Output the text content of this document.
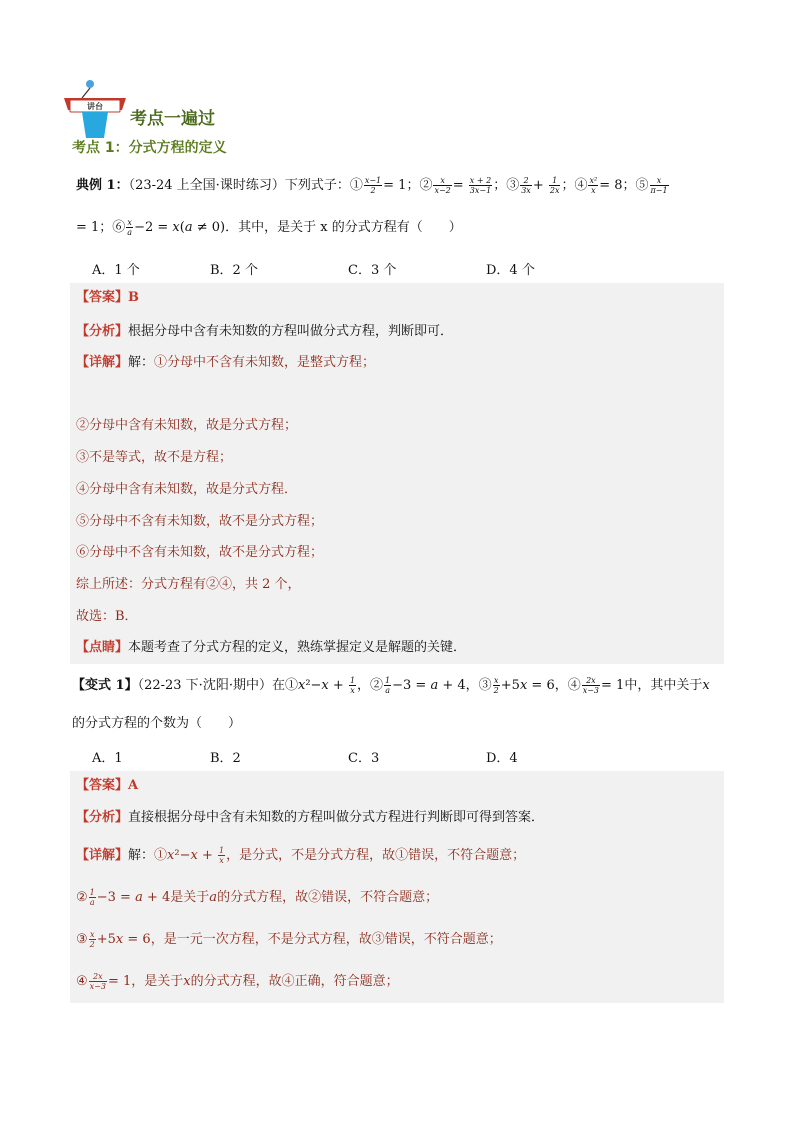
讲台
考点一遍过
考点 1：分式方程的定义
典例 1：（23-24 上全国·课时练习）下列式子：① $\frac{x-1}{2} = 1$；② $\frac{x}{x-2} = \frac{x + 2}{3x-1}$ ；③ $\frac{2}{3x} + \frac{1}{2x}$ ；④ $\frac{\text{x²}}{x} = 8$；⑤ $\frac{x}{\pi-1}$
= 1；⑥ $\frac{x}{a} -2 = x(a \ne 0)$．其中，是关于 x 的分式方程有（　　）
A．1 个	B．2 个	C．3 个	D．4 个
【答案】B
【分析】根据分母中含有未知数的方程叫做分式方程，判断即可．
【详解】解：①分母中不含有未知数，是整式方程；
②分母中含有未知数，故是分式方程；
③不是等式，故不是方程；
④分母中含有未知数，故是分式方程．
⑤分母中不含有未知数，故不是分式方程；
⑥分母中不含有未知数，故不是分式方程；
综上所述：分式方程有②④，共 2 个，
故选：B．
【点睛】本题考查了分式方程的定义，熟练掌握定义是解题的关键．
【变式 1】（22-23 下·沈阳·期中）在①x²−x + $\frac{1}{x}$ ，② $\frac{1}{a} -3 = a + 4$，③ $\frac{x}{2} +5x = 6$，④ $\frac{2x}{x-3} = 1$中，其中关于x
的分式方程的个数为（　　）
A．1	B．2	C．3	D．4
【答案】A
【分析】直接根据分母中含有未知数的方程叫做分式方程进行判断即可得到答案．
【详解】解：①x²−x + $\frac{1}{x}$ ，是分式，不是分式方程，故①错误，不符合题意；
② $\frac{1}{a} -3 = a + 4$是关于a的分式方程，故②错误，不符合题意；
③ $\frac{x}{2} +5x = 6$，是一元一次方程，不是分式方程，故③错误，不符合题意；
④ $\frac{2x}{x-3} = 1$，是关于x的分式方程，故④正确，符合题意；
